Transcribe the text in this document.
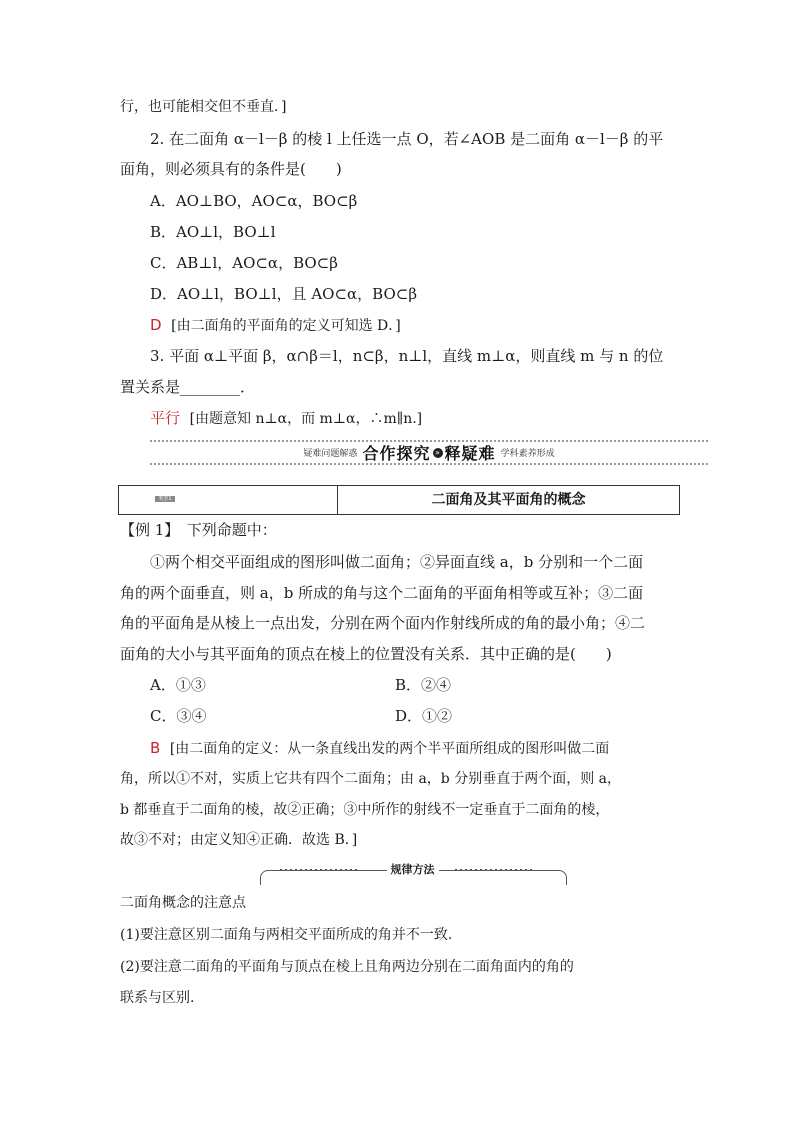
行，也可能相交但不垂直．]
2. 在二面角 α－l－β 的棱 l 上任选一点 O，若∠AOB 是二面角 α－l－β 的平
面角，则必须具有的条件是(　　)
A．AO⊥BO，AO⊂α，BO⊂β
B．AO⊥l，BO⊥l
C．AB⊥l，AO⊂α，BO⊂β
D．AO⊥l，BO⊥l，且 AO⊂α，BO⊂β
D [由二面角的平面角的定义可知选 D．]
3. 平面 α⊥平面 β，α∩β＝l，n⊂β，n⊥l，直线 m⊥α，则直线 m 与 n 的位
置关系是________．
平行 [由题意知 n⊥α，而 m⊥α，∴m∥n.]
疑难问题解惑 合作探究 » 释疑难 学科素养形成
类型1	二面角及其平面角的概念
【例 1】　下列命题中：
①两个相交平面组成的图形叫做二面角；②异面直线 a，b 分别和一个二面
角的两个面垂直，则 a，b 所成的角与这个二面角的平面角相等或互补；③二面
角的平面角是从棱上一点出发，分别在两个面内作射线所成的角的最小角；④二
面角的大小与其平面角的顶点在棱上的位置没有关系．其中正确的是(　　)
A．①③	B．②④
C．③④	D．①②
B [由二面角的定义：从一条直线出发的两个半平面所组成的图形叫做二面
角，所以①不对，实质上它共有四个二面角；由 a，b 分别垂直于两个面，则 a，
b 都垂直于二面角的棱，故②正确；③中所作的射线不一定垂直于二面角的棱，
故③不对；由定义知④正确．故选 B．]
规律方法
二面角概念的注意点
(1)要注意区别二面角与两相交平面所成的角并不一致.
(2)要注意二面角的平面角与顶点在棱上且角两边分别在二面角面内的角的
联系与区别.
